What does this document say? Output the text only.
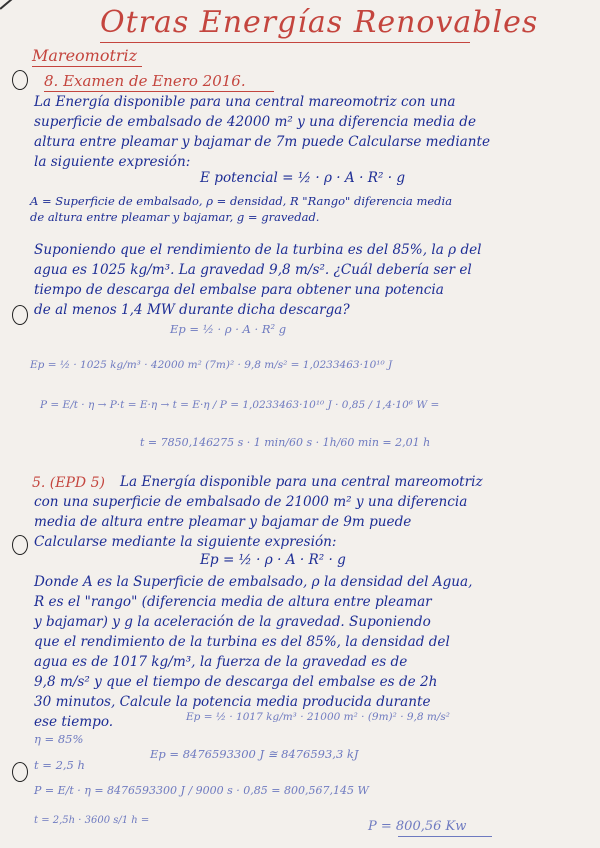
Otras Energías Renovables
Mareomotriz
8. Examen de Enero 2016.
La Energía disponible para una central mareomotriz con una
superficie de embalsado de 42000 m² y una diferencia media de
altura entre pleamar y bajamar de 7m puede Calcularse mediante
la siguiente expresión:
E potencial = ½ · ρ · A · R² · g
A = Superficie de embalsado, ρ = densidad, R "Rango" diferencia media
de altura entre pleamar y bajamar, g = gravedad.
Suponiendo que el rendimiento de la turbina es del 85%, la ρ del
agua es 1025 kg/m³. La gravedad 9,8 m/s². ¿Cuál debería ser el
tiempo de descarga del embalse para obtener una potencia
de al menos 1,4 MW durante dicha descarga?
Ep = ½ · ρ · A · R² g
Ep = ½ · 1025 kg/m³ · 42000 m² (7m)² · 9,8 m/s² = 1,0233463·10¹⁰ J
P = E/t · η → P·t = E·η → t = E·η / P = 1,0233463·10¹⁰ J · 0,85 / 1,4·10⁶ W =
t = 7850,146275 s · 1 min/60 s · 1h/60 min = 2,01 h
5. (EPD 5) La Energía disponible para una central mareomotriz
con una superficie de embalsado de 21000 m² y una diferencia
media de altura entre pleamar y bajamar de 9m puede
Calcularse mediante la siguiente expresión:
Ep = ½ · ρ · A · R² · g
Donde A es la Superficie de embalsado, ρ la densidad del Agua,
R es el "rango" (diferencia media de altura entre pleamar
y bajamar) y g la aceleración de la gravedad. Suponiendo
que el rendimiento de la turbina es del 85%, la densidad del
agua es de 1017 kg/m³, la fuerza de la gravedad es de
9,8 m/s² y que el tiempo de descarga del embalse es de 2h
30 minutos, Calcule la potencia media producida durante
ese tiempo.	Ep = ½ · 1017 kg/m³ · 21000 m² · (9m)² · 9,8 m/s²
η = 85%
t = 2,5 h
Ep = 8476593300 J ≅ 8476593,3 kJ
P = E/t · η = 8476593300 J / 9000 s · 0,85 = 800,567,145 W
t = 2,5h · 3600 s/1 h =	P = 800,56 Kw
